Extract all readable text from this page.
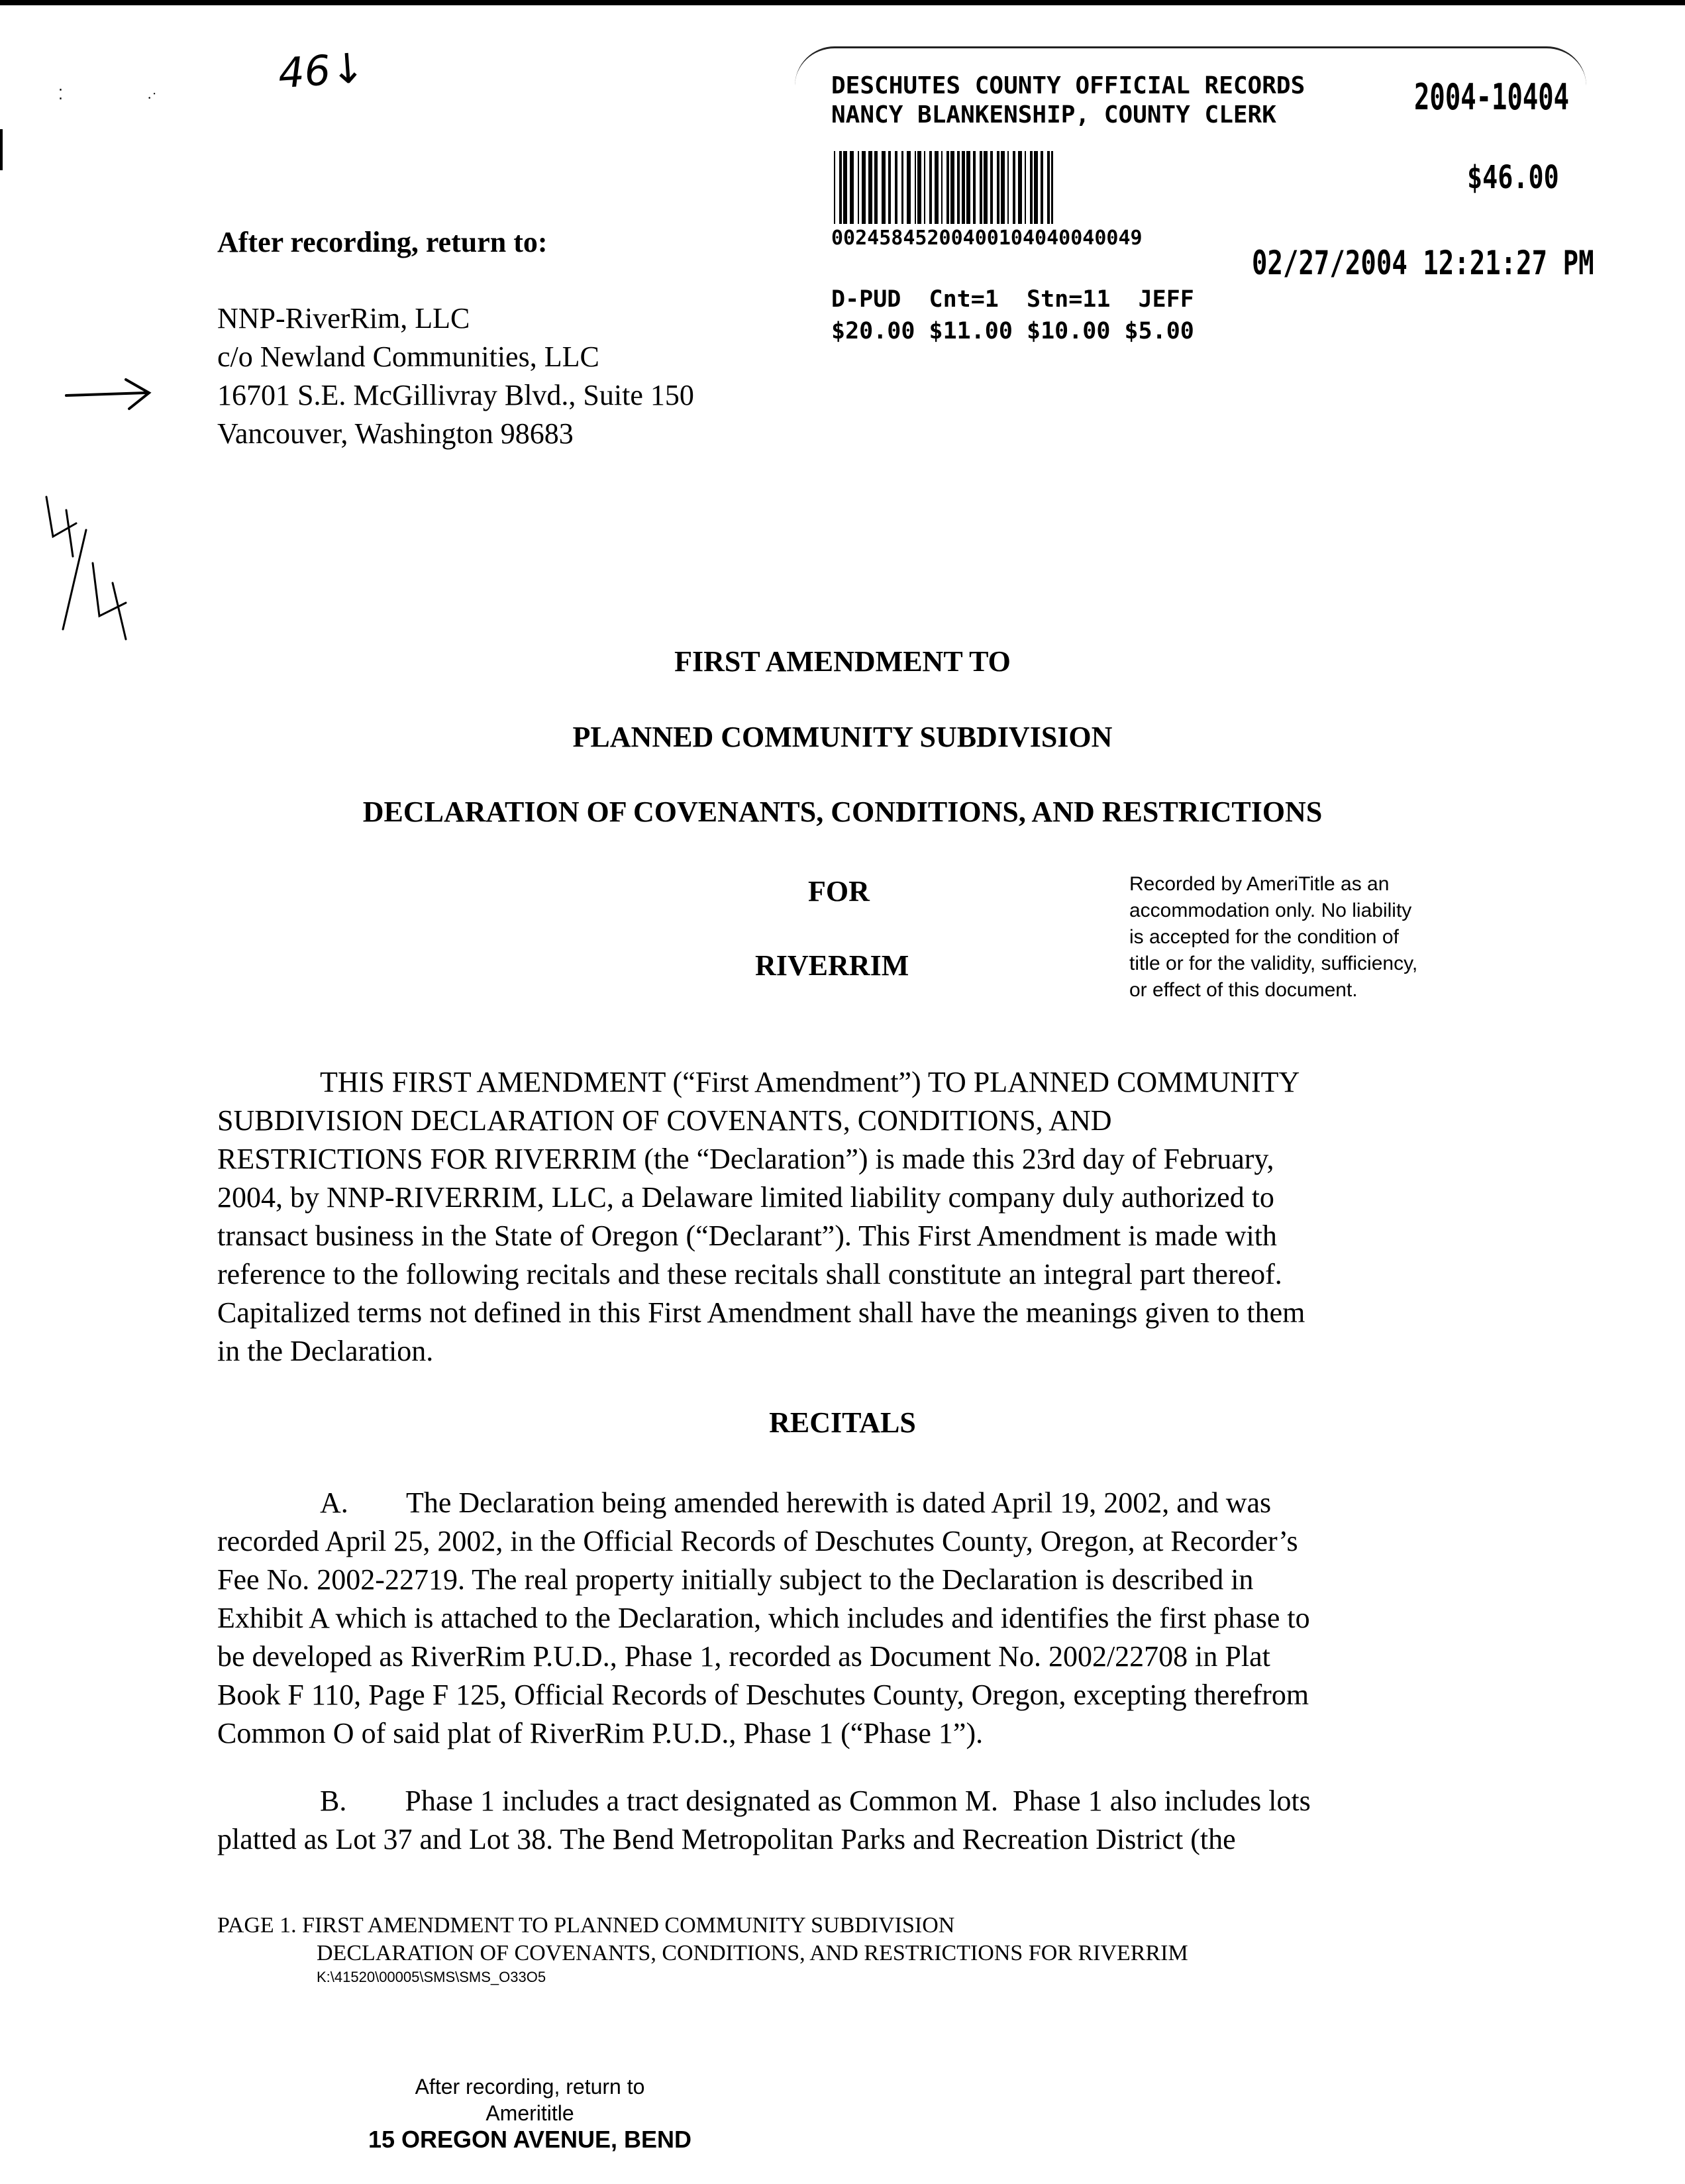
46↓
⁚	·˙	DESCHUTES COUNTY OFFICIAL RECORDS
NANCY BLANKENSHIP, COUNTY CLERK	2004-10404
$46.00
00245845200400104040040049
02/27/2004 12:21:27 PM
D-PUD  Cnt=1  Stn=11  JEFF
$20.00 $11.00 $10.00 $5.00
After recording, return to:
NNP-RiverRim, LLC
c/o Newland Communities, LLC
16701 S.E. McGillivray Blvd., Suite 150
Vancouver, Washington 98683
FIRST AMENDMENT TO
PLANNED COMMUNITY SUBDIVISION
DECLARATION OF COVENANTS, CONDITIONS, AND RESTRICTIONS
FOR
RIVERRIM
Recorded by AmeriTitle as an
accommodation only. No liability
is accepted for the condition of
title or for the validity, sufficiency,
or effect of this document.
THIS FIRST AMENDMENT (“First Amendment”) TO PLANNED COMMUNITY
SUBDIVISION DECLARATION OF COVENANTS, CONDITIONS, AND
RESTRICTIONS FOR RIVERRIM (the “Declaration”) is made this 23rd day of February,
2004, by NNP-RIVERRIM, LLC, a Delaware limited liability company duly authorized to
transact business in the State of Oregon (“Declarant”). This First Amendment is made with
reference to the following recitals and these recitals shall constitute an integral part thereof.
Capitalized terms not defined in this First Amendment shall have the meanings given to them
in the Declaration.
RECITALS
A.        The Declaration being amended herewith is dated April 19, 2002, and was
recorded April 25, 2002, in the Official Records of Deschutes County, Oregon, at Recorder’s
Fee No. 2002-22719. The real property initially subject to the Declaration is described in
Exhibit A which is attached to the Declaration, which includes and identifies the first phase to
be developed as RiverRim P.U.D., Phase 1, recorded as Document No. 2002/22708 in Plat
Book F 110, Page F 125, Official Records of Deschutes County, Oregon, excepting therefrom
Common O of said plat of RiverRim P.U.D., Phase 1 (“Phase 1”).
B.        Phase 1 includes a tract designated as Common M.  Phase 1 also includes lots
platted as Lot 37 and Lot 38. The Bend Metropolitan Parks and Recreation District (the
PAGE 1. FIRST AMENDMENT TO PLANNED COMMUNITY SUBDIVISION
DECLARATION OF COVENANTS, CONDITIONS, AND RESTRICTIONS FOR RIVERRIM
K:\41520\00005\SMS\SMS_O33O5
After recording, return to
Amerititle
15 OREGON AVENUE, BEND
